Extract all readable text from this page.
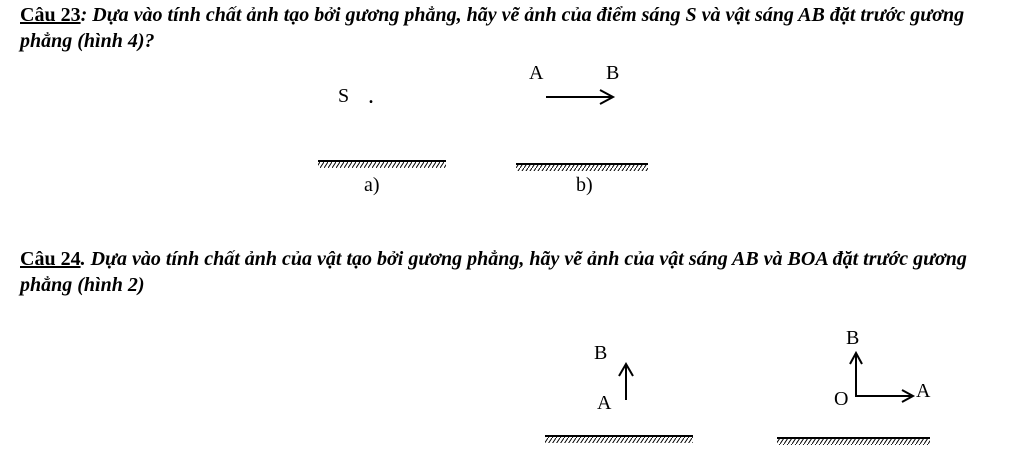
Câu 23: Dựa vào tính chất ảnh tạo bởi gương phẳng, hãy vẽ ảnh của điểm sáng S và vật sáng AB đặt trước gương phẳng (hình 4)?
S .
A	B
a)	b)
Câu 24. Dựa vào tính chất ảnh của vật tạo bởi gương phẳng, hãy vẽ ảnh của vật sáng AB và BOA đặt trước gương phẳng (hình 2)
B
A
B
O	A
